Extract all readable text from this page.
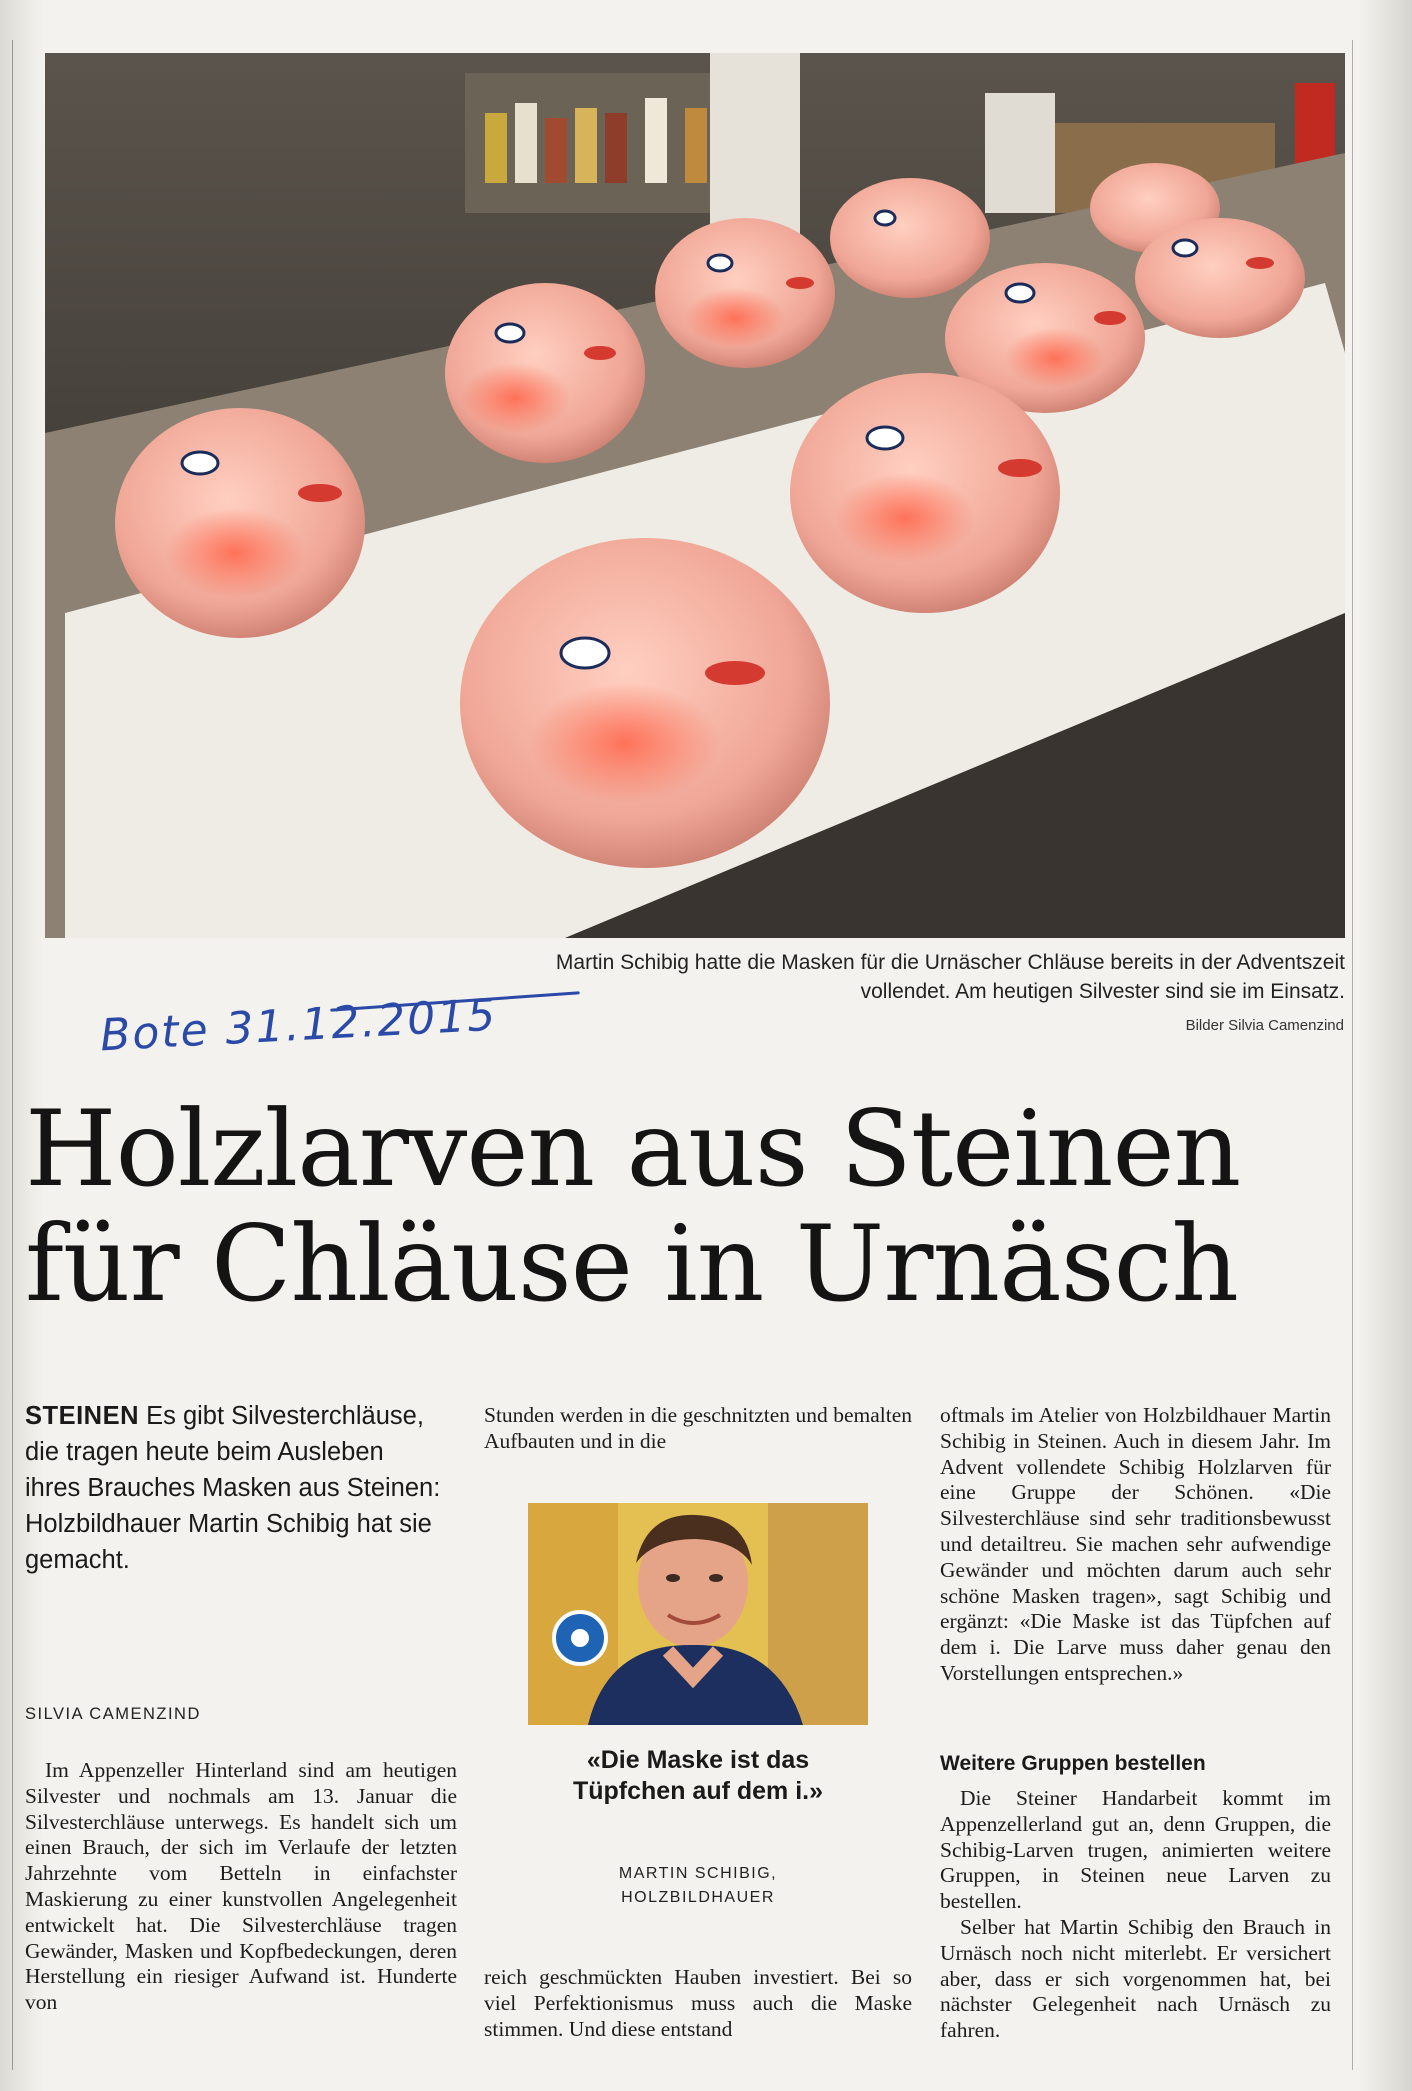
Martin Schibig hatte die Masken für die Urnäscher Chläuse bereits in der Adventszeit
vollendet. Am heutigen Silvester sind sie im Einsatz.
Bilder Silvia Camenzind
Bote 31.12.2015
Holzlarven aus Steinen
für Chläuse in Urnäsch

STEINEN Es gibt Silvesterchläuse, die tragen heute beim Ausleben ihres Brauches Masken aus Steinen: Holzbildhauer Martin Schibig hat sie gemacht.

SILVIA CAMENZIND

Im Appenzeller Hinterland sind am heutigen Silvester und nochmals am 13. Januar die Silvesterchläuse unterwegs. Es handelt sich um einen Brauch, der sich im Verlaufe der letzten Jahrzehnte vom Betteln in einfachster Maskierung zu einer kunstvollen Angelegenheit entwickelt hat. Die Silvesterchläuse tragen Gewänder, Masken und Kopfbedeckungen, deren Herstellung ein riesiger Aufwand ist. Hunderte von

Stunden werden in die geschnitzten und bemalten Aufbauten und in die

«Die Maske ist das Tüpfchen auf dem i.»

MARTIN SCHIBIG,
HOLZBILDHAUER

reich geschmückten Hauben investiert. Bei so viel Perfektionismus muss auch die Maske stimmen. Und diese entstand

oftmals im Atelier von Holzbildhauer Martin Schibig in Steinen. Auch in diesem Jahr. Im Advent vollendete Schibig Holzlarven für eine Gruppe der Schönen. «Die Silvesterchläuse sind sehr traditionsbewusst und detailtreu. Sie machen sehr aufwendige Gewänder und möchten darum auch sehr schöne Masken tragen», sagt Schibig und ergänzt: «Die Maske ist das Tüpfchen auf dem i. Die Larve muss daher genau den Vorstellungen entsprechen.»

Weitere Gruppen bestellen

Die Steiner Handarbeit kommt im Appenzellerland gut an, denn Gruppen, die Schibig-Larven trugen, animierten weitere Gruppen, in Steinen neue Larven zu bestellen.

Selber hat Martin Schibig den Brauch in Urnäsch noch nicht miterlebt. Er versichert aber, dass er sich vorgenommen hat, bei nächster Gelegenheit nach Urnäsch zu fahren.
